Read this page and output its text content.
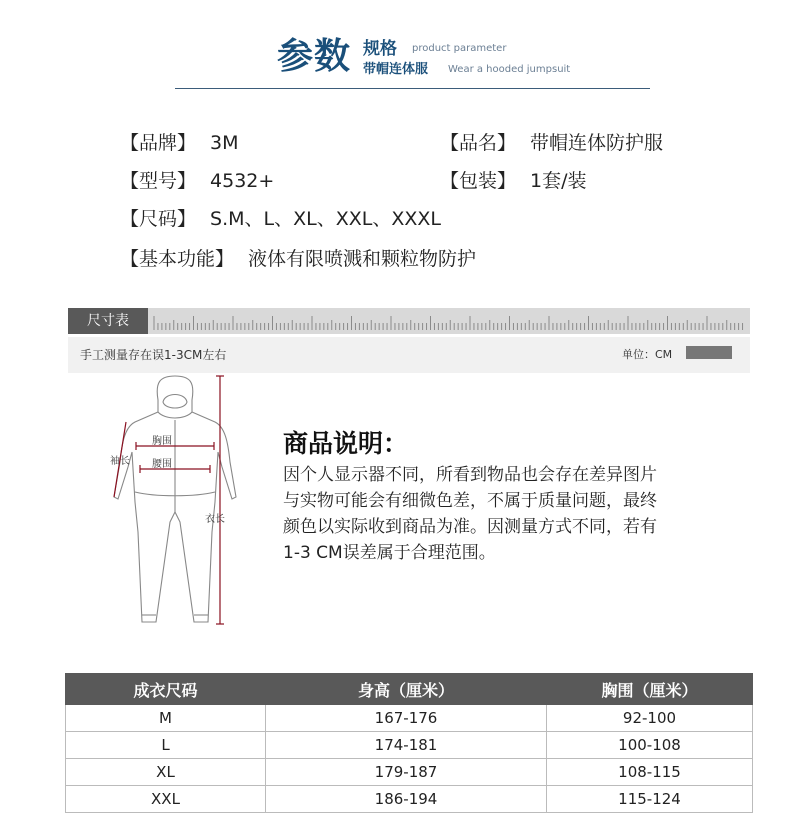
参数 规格 product parameter
带帽连体服 Wear a hooded jumpsuit
【品牌】 3M	【品名】 带帽连体防护服
【型号】 4532+	【包装】 1套/装
【尺码】 S.M、L、XL、XXL、XXXL
【基本功能】 液体有限喷溅和颗粒物防护
尺寸表
手工测量存在误1-3CM左右	单位：CM
胸围
腰围
袖长
衣长
商品说明：
因个人显示器不同，所看到物品也会存在差异图片
与实物可能会有细微色差，不属于质量问题，最终
颜色以实际收到商品为准。因测量方式不同，若有
1-3 CM误差属于合理范围。
成衣尺码	身高（厘米）	胸围（厘米）
M	167-176	92-100
L	174-181	100-108
XL	179-187	108-115
XXL	186-194	115-124
